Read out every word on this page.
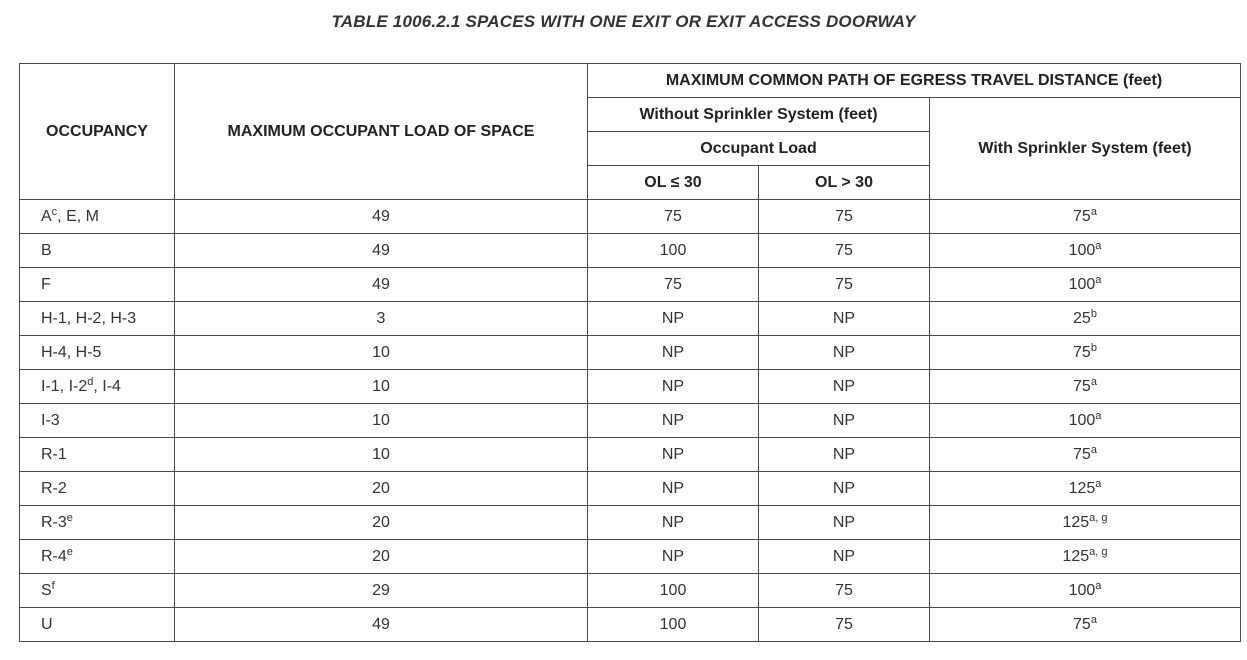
TABLE 1006.2.1 SPACES WITH ONE EXIT OR EXIT ACCESS DOORWAY
OCCUPANCY	MAXIMUM OCCUPANT LOAD OF SPACE	MAXIMUM COMMON PATH OF EGRESS TRAVEL DISTANCE (feet)		
		Without Sprinkler System (feet)		With Sprinkler System (feet)
		Occupant Load		
		OL ≤ 30	OL > 30	
$A^c$, E, M	49	75	75	75$^a$
B	49	100	75	100$^a$
F	49	75	75	100$^a$
H-1, H-2, H-3	3	NP	NP	25$^b$
H-4, H-5	10	NP	NP	75$^b$
I-1, I-2$^d$, I-4	10	NP	NP	75$^a$
I-3	10	NP	NP	100$^a$
R-1	10	NP	NP	75$^a$
R-2	20	NP	NP	125$^a$
R-3e	20	NP	NP	125$^{a, g}$
R-4e	20	NP	NP	125$^{a, g}$
$S^f$	29	100	75	100$^a$
U	49	100	75	75$^a$
